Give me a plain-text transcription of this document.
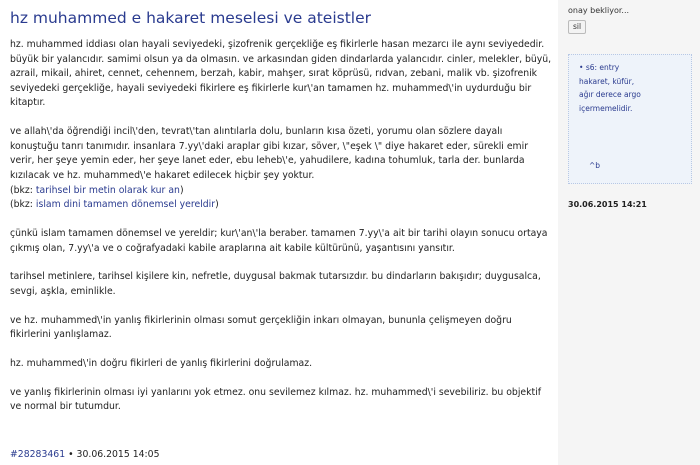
hz muhammed e hakaret meselesi ve ateistler

hz. muhammed iddiası olan hayali seviyedeki, şizofrenik gerçekliğe eş fikirlerle hasan mezarcı ile aynı seviyededir. büyük bir yalancıdır. samimi olsun ya da olmasın. ve arkasından giden dindarlarda yalancıdır. cinler, melekler, büyü, azrail, mikail, ahiret, cennet, cehennem, berzah, kabir, mahşer, sırat köprüsü, rıdvan, zebani, malik vb. şizofrenik seviyedeki gerçekliğe, hayali seviyedeki fikirlere eş fikirlerle kur\'an tamamen hz. muhammed\'in uydurduğu bir kitaptır.

ve allah\'da öğrendiği incil\'den, tevrat\'tan alıntılarla dolu, bunların kısa özeti, yorumu olan sözlere dayalı konuştuğu tanrı tanımıdır. insanlara 7.yy\'daki araplar gibi kızar, söver, \"eşek \" diye hakaret eder, sürekli emir verir, her şeye yemin eder, her şeye lanet eder, ebu leheb\'e, yahudilere, kadına tohumluk, tarla der. bunlarda kızılacak ve hz. muhammed\'e hakaret edilecek hiçbir şey yoktur.

(bkz: tarihsel bir metin olarak kur an)

(bkz: islam dini tamamen dönemsel yereldir)

çünkü islam tamamen dönemsel ve yereldir; kur\'an\'la beraber. tamamen 7.yy\'a ait bir tarihi olayın sonucu ortaya çıkmış olan, 7.yy\'a ve o coğrafyadaki kabile araplarına ait kabile kültürünü, yaşantısını yansıtır.

tarihsel metinlere, tarihsel kişilere kin, nefretle, duygusal bakmak tutarsızdır. bu dindarların bakışıdır; duygusalca, sevgi, aşkla, eminlikle.

ve hz. muhammed\'in yanlış fikirlerinin olması somut gerçekliğin inkarı olmayan, bununla çelişmeyen doğru fikirlerini yanlışlamaz.

hz. muhammed\'in doğru fikirleri de yanlış fikirlerini doğrulamaz.

ve yanlış fikirlerinin olması iyi yanlarını yok etmez. onu sevilemez kılmaz. hz. muhammed\'i sevebiliriz. bu objektif ve normal bir tutumdur.

#28283461 • 30.06.2015 14:05
onay bekliyor...
sil
• s6: entry
hakaret, küfür,
ağır derece argo
içermemelidir.
^b
30.06.2015 14:21
